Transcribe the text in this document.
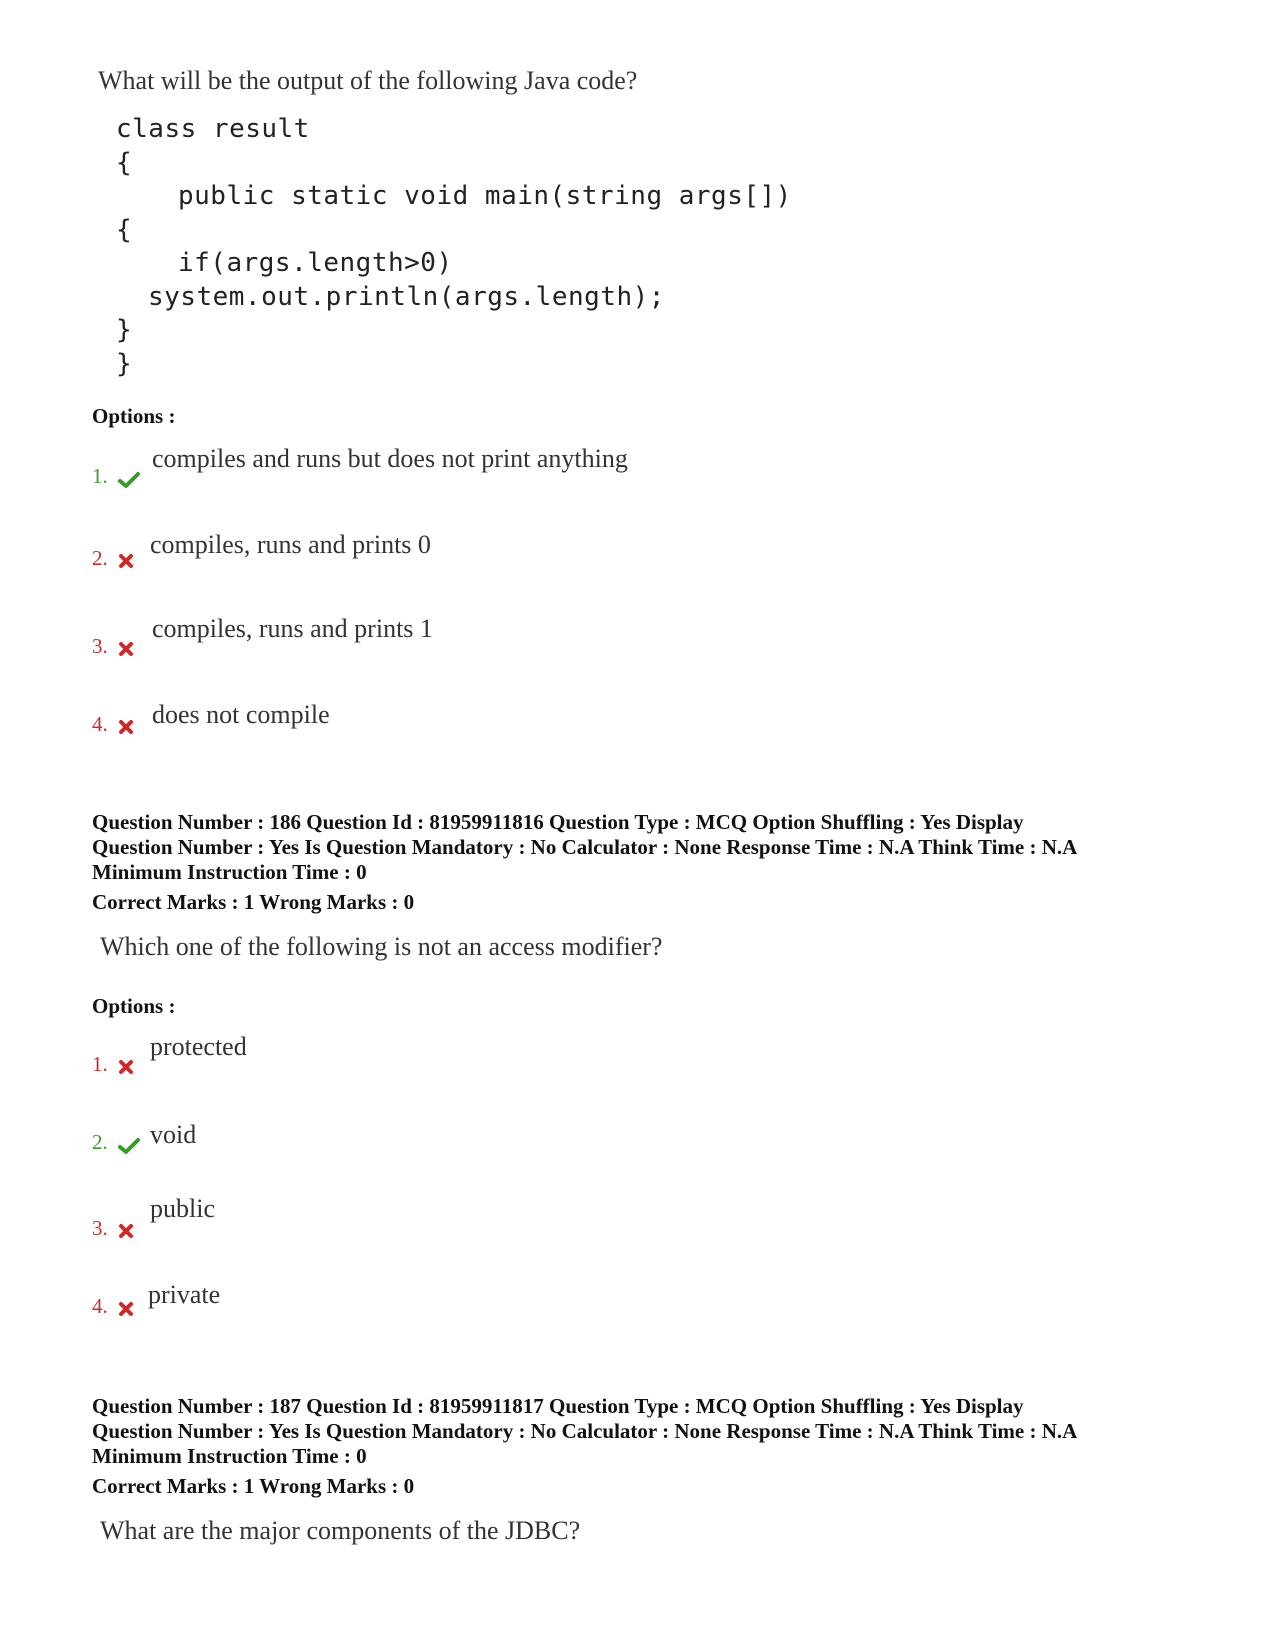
What will be the output of the following Java code?
class result
{
public static void main(string args[])
{
if(args.length>0)
system.out.println(args.length);
}
}
Options :
1.
compiles and runs but does not print anything
2.	compiles, runs and prints 0
3.
compiles, runs and prints 1
4.	does not compile
Question Number : 186 Question Id : 81959911816 Question Type : MCQ Option Shuffling : Yes Display
Question Number : Yes Is Question Mandatory : No Calculator : None Response Time : N.A Think Time : N.A
Minimum Instruction Time : 0
Correct Marks : 1 Wrong Marks : 0
Which one of the following is not an access modifier?
Options :
1.
protected
2.	void
3.
public
4.	private
Question Number : 187 Question Id : 81959911817 Question Type : MCQ Option Shuffling : Yes Display
Question Number : Yes Is Question Mandatory : No Calculator : None Response Time : N.A Think Time : N.A
Minimum Instruction Time : 0
Correct Marks : 1 Wrong Marks : 0
What are the major components of the JDBC?
